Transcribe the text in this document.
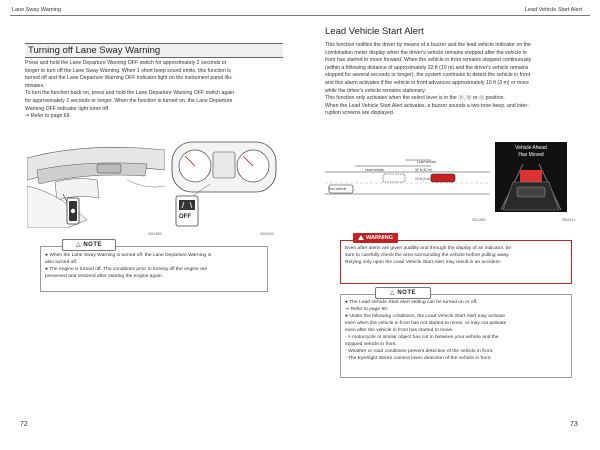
Lane Sway Warning
Turning off Lane Sway Warning
Press and hold the Lane Departure Warning OFF switch for approximately 2 seconds or
longer to turn off the Lane Sway Warning. When 1 short beep sound emits, this function is
turned off and the Lane Departure Warning OFF indicator light on the instrument panel illu-
minates.
To turn the function back on, press and hold the Lane Departure Warning OFF switch again
for approximately 2 seconds or longer. When the function is turned on, the Lane Departure
Warning OFF indicator light turns off.
⇒ Refer to page 69.
SB2388
OFF
SB2409
△ NOTE
● When the Lane Sway Warning is turned off, the Lane Departure Warning is
also turned off.
● The engine is turned off. The conditions prior to turning off the engine are
preserved and restored after starting the engine again.
72
Lead Vehicle Start Alert
Lead Vehicle Start Alert
This function notifies the driver by means of a buzzer and the lead vehicle indicator on the
combination meter display when the driver's vehicle remains stopped after the vehicle in
front has started to move forward. When the vehicle in front remains stopped continuously
(within a following distance of approximately 32 ft (10 m) and the driver's vehicle remains
stopped for several seconds or longer), the system continues to detect the vehicle in front
and this alarm activates if the vehicle in front advances approximately 10 ft (3 m) or more
while the driver's vehicle remains stationary.
This function only activates when the select lever is in the Ⓓ, Ⓜ or Ⓝ position.
When the Lead Vehicle Start Alert activates, a buzzer sounds a two-tone beep, and inter-
ruption screens are displayed.
Lead vehicle
Lead vehicle
32 ft (10 m)
10 ft (3 m)
Your vehicle
SB1286
Vehicle Ahead
Has Moved
SB2411
WARNING
Even after alerts are given audibly and through the display of an indicator, be
sure to carefully check the area surrounding the vehicle before pulling away.
Relying only upon the Lead Vehicle Start Alert may result in an accident.
△ NOTE
● The Lead Vehicle Start Alert setting can be turned on or off.
⇒ Refer to page 90.
● Under the following conditions, the Lead Vehicle Start Alert may activate
even when the vehicle in front has not started to move, or may not activate
even after the vehicle in front has started to move.
- A motorcycle or similar object has cut in between your vehicle and the
stopped vehicle in front.
- Weather or road conditions prevent detection of the vehicle in front.
- The EyeSight stereo camera loses detection of the vehicle in front.
73
